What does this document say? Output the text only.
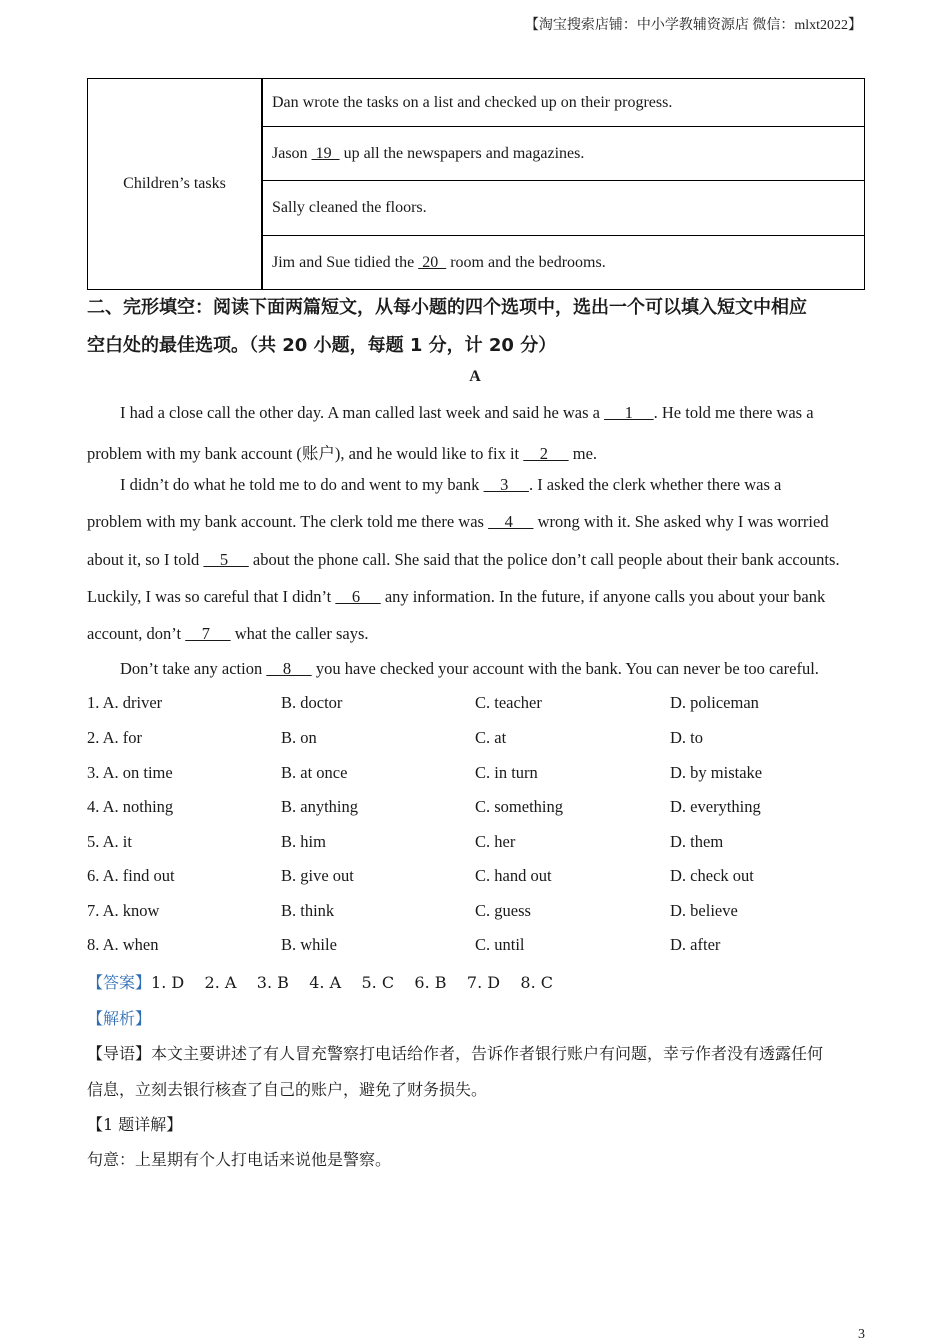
【淘宝搜索店铺：中小学教辅资源店 微信：mlxt2022】
Children’s tasks	Dan wrote the tasks on a list and checked up on their progress.
Jason  19   up all the newspapers and magazines.
Sally cleaned the floors.
Jim and Sue tidied the  20   room and the bedrooms.
二、完形填空：阅读下面两篇短文，从每小题的四个选项中，选出一个可以填入短文中相应
空白处的最佳选项。（共 20 小题，每题 1 分，计 20 分）
A
I had a close call the other day. A man called last week and said he was a      1     . He told me there was a
problem with my bank account (账户), and he would like to fix it     2      me.
I didn’t do what he told me to do and went to my bank     3     . I asked the clerk whether there was a
problem with my bank account. The clerk told me there was     4      wrong with it. She asked why I was worried
about it, so I told     5      about the phone call. She said that the police don’t call people about their bank accounts.
Luckily, I was so careful that I didn’t     6      any information. In the future, if anyone calls you about your bank
account, don’t     7      what the caller says.
Don’t take any action     8      you have checked your account with the bank. You can never be too careful.
1. A. driver	B. doctor	C. teacher	D. policeman
2. A. for	B. on	C. at	D. to
3. A. on time	B. at once	C. in turn	D. by mistake
4. A. nothing	B. anything	C. something	D. everything
5. A. it	B. him	C. her	D. them
6. A. find out	B. give out	C. hand out	D. check out
7. A. know	B. think	C. guess	D. believe
8. A. when	B. while	C. until	D. after
【答案】1. D    2. A    3. B    4. A    5. C    6. B    7. D    8. C
【解析】
【导语】本文主要讲述了有人冒充警察打电话给作者，告诉作者银行账户有问题，幸亏作者没有透露任何
信息，立刻去银行核查了自己的账户，避免了财务损失。
【1 题详解】
句意：上星期有个人打电话来说他是警察。
3
